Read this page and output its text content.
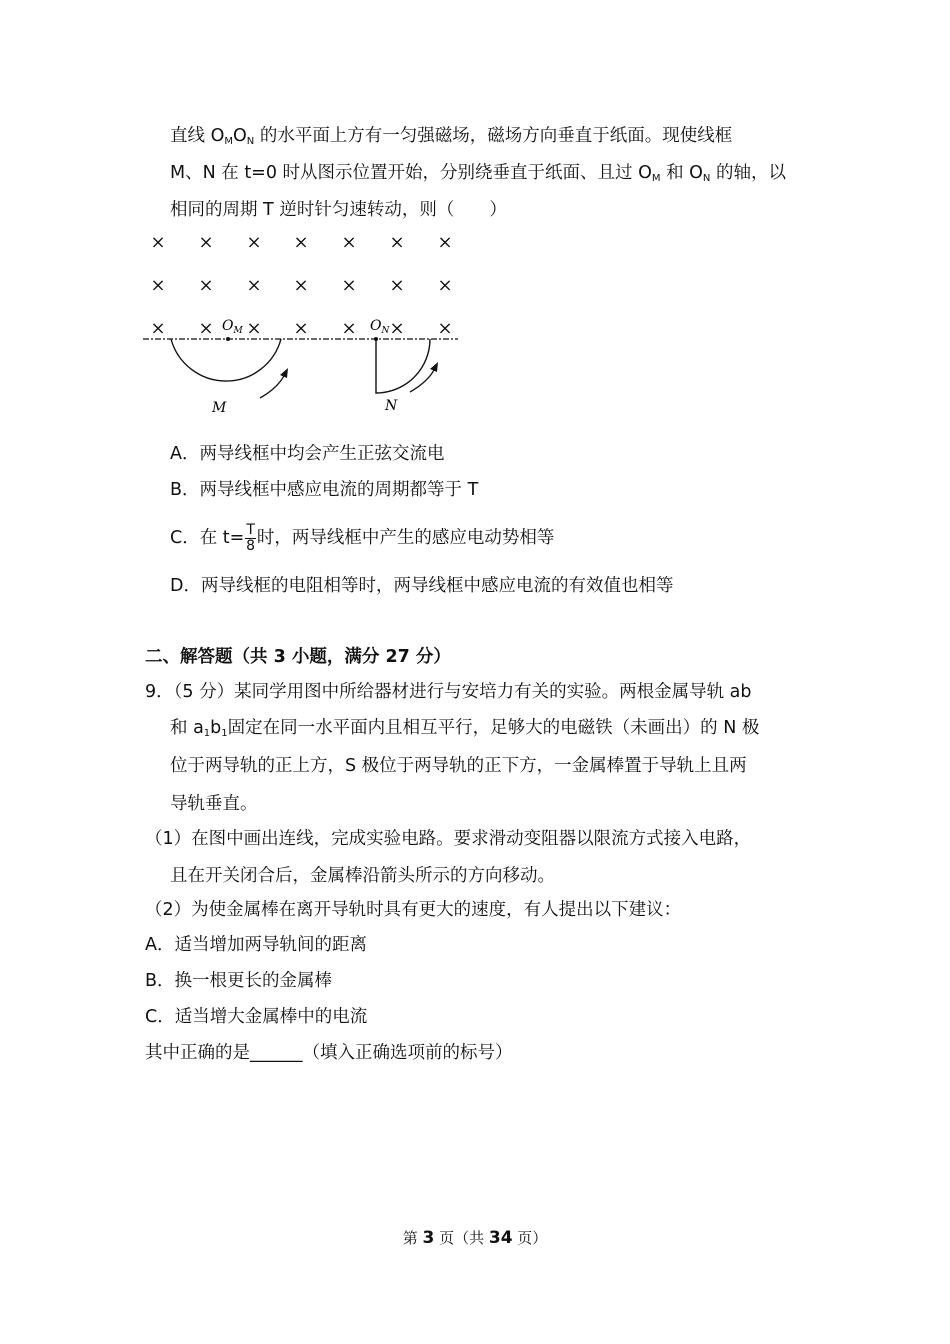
直线 $O_MO_N$ 的水平面上方有一匀强磁场，磁场方向垂直于纸面。现使线框
M、N 在 t=0 时从图示位置开始，分别绕垂直于纸面、且过 $O_M$ 和 $O_N$ 的轴，以
相同的周期 T 逆时针匀速转动，则（　　）
× × × × × × ×
× × × × × × ×
× × × × × × ×
$O_M$	$O_N$
M	N
A．两导线框中均会产生正弦交流电
B．两导线框中感应电流的周期都等于 T
C．在 $t= \frac{T}{8}$ 时，两导线框中产生的感应电动势相等
D．两导线框的电阻相等时，两导线框中感应电流的有效值也相等
二、解答题（共 3 小题，满分 27 分）
9．（5 分）某同学用图中所给器材进行与安培力有关的实验。两根金属导轨 ab
和 $a_1b_1$固定在同一水平面内且相互平行，足够大的电磁铁（未画出）的 N 极
位于两导轨的正上方，S 极位于两导轨的正下方，一金属棒置于导轨上且两
导轨垂直。
（1）在图中画出连线，完成实验电路。要求滑动变阻器以限流方式接入电路，
且在开关闭合后，金属棒沿箭头所示的方向移动。
（2）为使金属棒在离开导轨时具有更大的速度，有人提出以下建议：
A．适当增加两导轨间的距离
B．换一根更长的金属棒
C．适当增大金属棒中的电流
其中正确的是______（填入正确选项前的标号）
第 3 页（共 34 页）
